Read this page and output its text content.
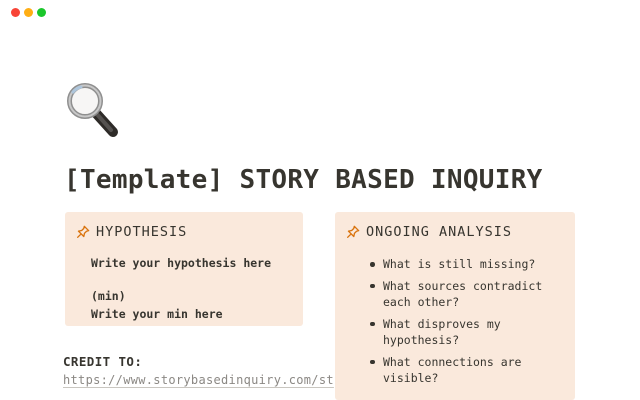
[Template] STORY BASED INQUIRY
HYPOTHESIS
Write your hypothesis here
(min)
Write your min here
ONGOING ANALYSIS
What is still missing?
What sources contradict each other?
What disproves my hypothesis?
What connections are visible?
CREDIT TO:
https://www.storybasedinquiry.com/st
